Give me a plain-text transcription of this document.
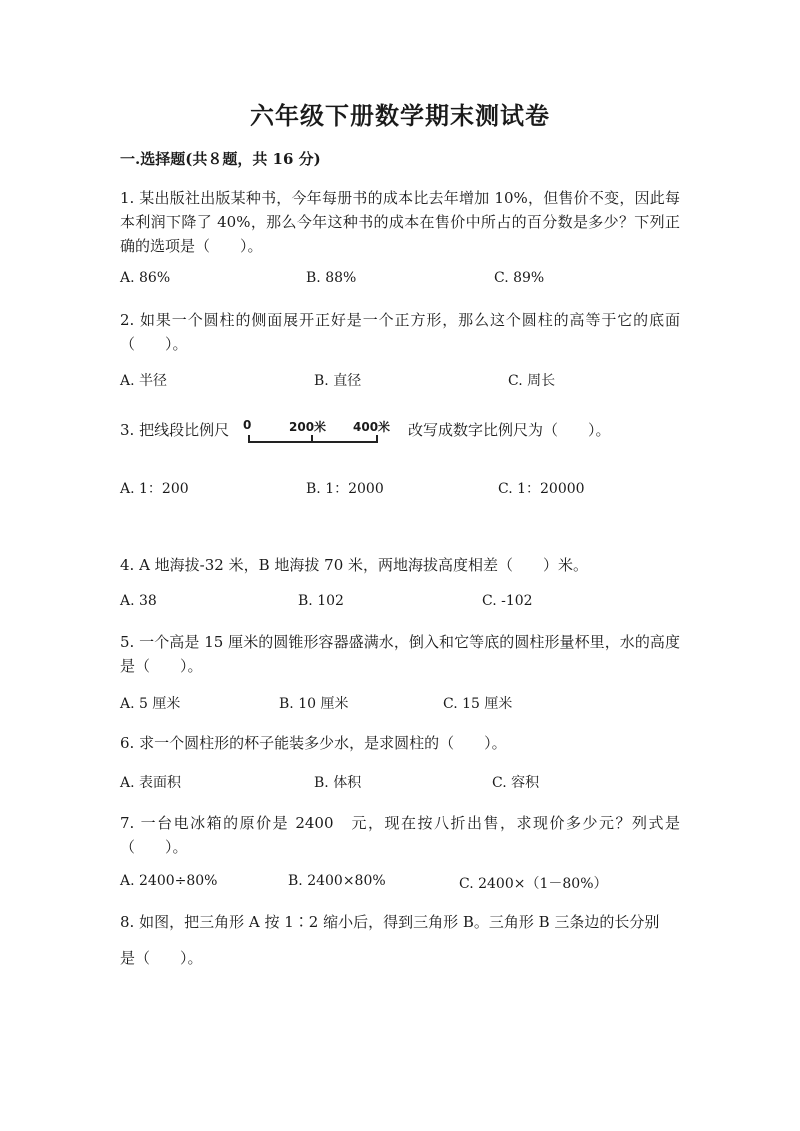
六年级下册数学期末测试卷
一.选择题(共８题，共 16 分)
1. 某出版社出版某种书，今年每册书的成本比去年增加 10%，但售价不变，因此每本利润下降了 40%，那么今年这种书的成本在售价中所占的百分数是多少？下列正确的选项是（　　）。
A. 86%	B. 88%	C. 89%
2. 如果一个圆柱的侧面展开正好是一个正方形，那么这个圆柱的高等于它的底面（　　）。
A. 半径	B. 直径	C. 周长
3. 把线段比例尺 0	200米 400米 改写成数字比例尺为（　　）。
A. 1：200	B. 1：2000	C. 1：20000
4. A 地海拔-32 米，B 地海拔 70 米，两地海拔高度相差（　　）米。
A. 38	B. 102	C. -102
5. 一个高是 15 厘米的圆锥形容器盛满水，倒入和它等底的圆柱形量杯里，水的高度是（　　）。
A. 5 厘米	B. 10 厘米	C. 15 厘米
6. 求一个圆柱形的杯子能装多少水，是求圆柱的（　　）。
A. 表面积	B. 体积	C. 容积
7. 一台电冰箱的原价是 2400　元，现在按八折出售，求现价多少元？列式是（　　）。
A. 2400÷80%	B. 2400×80%	C. 2400×（1－80%）
8. 如图，把三角形 A 按 1∶2 缩小后，得到三角形 B。三角形 B 三条边的长分别
是（　　）。
